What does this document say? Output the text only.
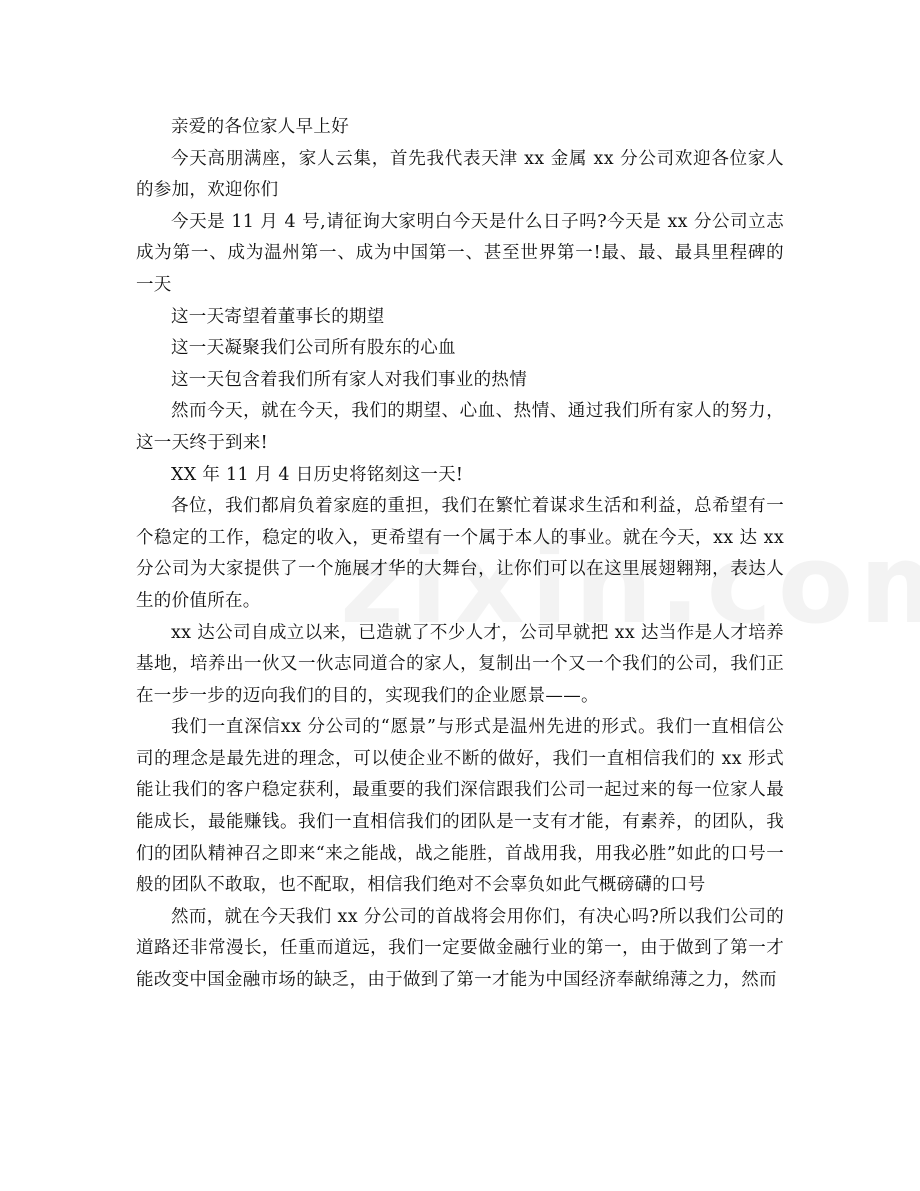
亲爱的各位家人早上好

今天高朋满座，家人云集，首先我代表天津 xx 金属 xx 分公司欢迎各位家人的参加，欢迎你们

今天是 11 月 4 号,请征询大家明白今天是什么日子吗?今天是 xx 分公司立志成为第一、成为温州第一、成为中国第一、甚至世界第一!最、最、最具里程碑的一天

这一天寄望着董事长的期望

这一天凝聚我们公司所有股东的心血

这一天包含着我们所有家人对我们事业的热情

然而今天，就在今天，我们的期望、心血、热情、通过我们所有家人的努力，这一天终于到来!

XX 年 11 月 4 日历史将铭刻这一天!

各位，我们都肩负着家庭的重担，我们在繁忙着谋求生活和利益，总希望有一个稳定的工作，稳定的收入，更希望有一个属于本人的事业。就在今天，xx 达 xx 分公司为大家提供了一个施展才华的大舞台，让你们可以在这里展翅翱翔，表达人生的价值所在。

xx 达公司自成立以来，已造就了不少人才，公司早就把 xx 达当作是人才培养基地，培养出一伙又一伙志同道合的家人，复制出一个又一个我们的公司，我们正在一步一步的迈向我们的目的，实现我们的企业愿景——。

我们一直深信xx 分公司的“愿景”与形式是温州先进的形式。我们一直相信公司的理念是最先进的理念，可以使企业不断的做好，我们一直相信我们的 xx 形式能让我们的客户稳定获利，最重要的我们深信跟我们公司一起过来的每一位家人最能成长，最能赚钱。我们一直相信我们的团队是一支有才能，有素养，的团队，我们的团队精神召之即来“来之能战，战之能胜，首战用我，用我必胜”如此的口号一般的团队不敢取，也不配取，相信我们绝对不会辜负如此气概磅礴的口号

然而，就在今天我们 xx 分公司的首战将会用你们，有决心吗?所以我们公司的道路还非常漫长，任重而道远，我们一定要做金融行业的第一，由于做到了第一才能改变中国金融市场的缺乏，由于做到了第一才能为中国经济奉献绵薄之力，然而
